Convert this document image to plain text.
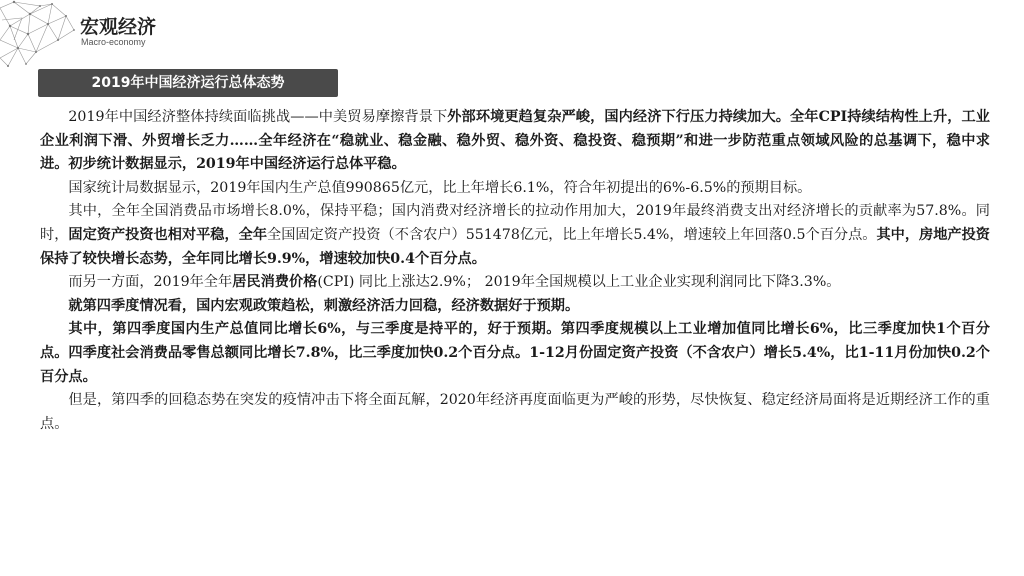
宏观经济
Macro-economy
2019年中国经济运行总体态势

2019年中国经济整体持续面临挑战——中美贸易摩擦背景下外部环境更趋复杂严峻，国内经济下行压力持续加大。全年CPI持续结构性上升，工业企业利润下滑、外贸增长乏力……全年经济在“稳就业、稳金融、稳外贸、稳外资、稳投资、稳预期”和进一步防范重点领域风险的总基调下，稳中求进。初步统计数据显示，2019年中国经济运行总体平稳。

国家统计局数据显示，2019年国内生产总值990865亿元，比上年增长6.1%，符合年初提出的6%-6.5%的预期目标。

其中，全年全国消费品市场增长8.0%，保持平稳；国内消费对经济增长的拉动作用加大，2019年最终消费支出对经济增长的贡献率为57.8%。同时，固定资产投资也相对平稳，全年全国固定资产投资（不含农户）551478亿元，比上年增长5.4%，增速较上年回落0.5个百分点。其中，房地产投资保持了较快增长态势，全年同比增长9.9%，增速较加快0.4个百分点。

而另一方面，2019年全年居民消费价格(CPI) 同比上涨达2.9%； 2019年全国规模以上工业企业实现利润同比下降3.3%。

就第四季度情况看，国内宏观政策趋松，刺激经济活力回稳，经济数据好于预期。

其中，第四季度国内生产总值同比增长6%，与三季度是持平的，好于预期。第四季度规模以上工业增加值同比增长6%，比三季度加快1个百分点。四季度社会消费品零售总额同比增长7.8%，比三季度加快0.2个百分点。1-12月份固定资产投资（不含农户）增长5.4%，比1-11月份加快0.2个百分点。

但是，第四季的回稳态势在突发的疫情冲击下将全面瓦解，2020年经济再度面临更为严峻的形势，尽快恢复、稳定经济局面将是近期经济工作的重点。
